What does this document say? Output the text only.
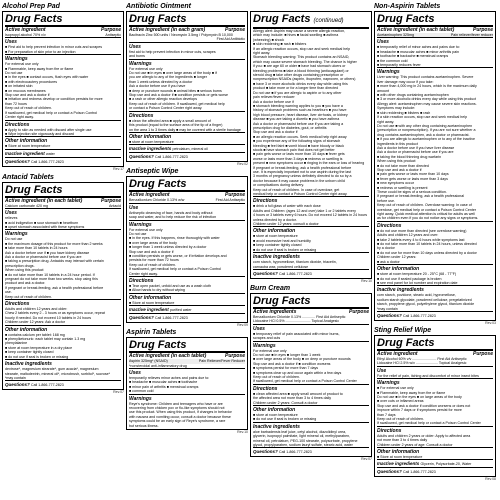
Alcohol Prep Pad
Drug Facts
Active ingredient	Purpose
Isopropyl alcohol 70% v/v	Antiseptic
Uses
■ First aid to help prevent infection in minor cuts and scrapes
■ For preparation of skin prior to an injection
Warnings
For external use only
■ Flammable, keep away from fire or flame
Do not use
■ in the eyes ■ contact occurs, flush eyes with water
■ with electrocautery procedures
■ on irritated skin
■ on mucous membranes
Stop use and ask a doctor if
■ irritation and redness develop or condition persists for more
than 72 hours
Keep out of reach of children.
If swallowed, get medical help or contact a Poison Control
Center right away.
Directions
■ Apply to skin as needed with discard after single use
■ Wipe injection site vigorously and discard
Other information
■ Store at room temperature
Inactive ingredient water
Questions? Call 1-866-777-2823
Rev.17
Antacid Tablets
Drug Facts
Active ingredient (in each tablet)	Purpose
Calcium carbonate 420 mg	Antacid
Uses
relieves
■ acid indigestion ■ sour stomach ■ heartburn
■ upset stomach associated with these symptoms
Warnings
Do not use
■ the maximum dosage of this product for more than 2 weeks
■ take more than 10 tablets in 24 hours
Ask a doctor before use if ■ you have kidney disease
Ask a doctor or pharmacist before use if you are
■ taking a prescription drug. Antacids may interact with certain
prescription drugs.
When using this product
■ do not take more than 10 tablets in a 24 hour period. If
pregnant do not take more than two weeks. stop using this
product and ask a doctor.
If pregnant or breast-feeding, ask a health professional before
use.
Keep out of reach of children.
Directions
Adults and children 12 years and older:
Chew 2 tablets every 2 - 3 hours or as symptoms occur, repeat
hourly if needed. Do not exceed 10 tablets in 24 hours
Children under 12 years: Ask a doctor
Other information
■ contains calcium per tablet: 168 mg
■ phenylketonuric: each tablet may contain 1.3 mg
phenylalanine
■ store at room temperature in a dry place
■ keep container tightly closed
■ do not use if seal is broken or missing
Inactive ingredients
dextrose*, magnesium stearate*, gum acacia*, magnesium
stearate, maltodextrin, mineral oil*, microbrush, sorbitol*, sucrose*
*may contain
Questions? Call 1-866-777-2823
Rev.07
Antibiotic Ointment
Drug Facts
Active ingredient (in each gram)	Purpose
Bacitracin Zinc 500 units / Neomycin 3.5mg / Polymyxin B 10,000
First Aid Antibiotic
Uses
first aid to help prevent infection in minor cuts, scrapes
and burns
Warnings
For external use only
Do not use ■ in eyes ■ over large areas of the body ■ if
you are allergic to any of the ingredients ■ longer
than 1 week unless directed by a doctor
Ask a doctor before use if you have
■ deep or puncture wounds ■ animal bites ■ serious burns
Stop use and ask a doctor if ■ condition persists or gets worse
■ a rash or other allergic reaction develops
Keep out of reach of children. If swallowed, get medical help
or contact a Poison Control Center right away.
Directions
■ clean the affected area ■ apply a small amount of
this product (equal to the surface area of the tip of a finger)
on the area 1 to 3 times daily ■ may be covered with a sterile bandage
Other information
■ store at room temperature
Inactive ingredients petrolatum, mineral oil
Questions? Call 1-866-777-2823
Rev.02
Antiseptic Wipe
Drug Facts
Active ingredient	Purpose
Benzalkonium Chloride 0.13% w/w	First Aid Antiseptic
Use
Antiseptic cleansing of face, hands and body without
soap and water, and to help reduce the risk of infection
Warnings
For external use only
Do not use
■ in the eyes. If this happens, rinse thoroughly with water
■ over large areas of the body
■ longer than 1 week unless directed by a doctor
Stop use and ask a doctor if
■ condition persists or gets worse, or if irritation develops and
persists for more than 72 hours
Keep out of reach of children.
If swallowed, get medical help or contact a Poison Control
Center right away.
Directions
■ Tear open packet, unfold and use as a wash cloth
■ Allow hands to dry without wiping
Other information
■ Store at room temperature
Inactive ingredient purified water
Questions? Call 1-866-777-2823
Rev.09
Aspirin Tablets
Drug Facts
Active ingredient (in each tablet)	Purpose
Aspirin 325mg* (NSAID)	Pain Reliever/Fever Reducer
*nonsteroidal anti-inflammatory drug
Uses
temporarily relieves minor aches and pains due to:
■ headache ■ muscular aches ■ toothache
■ minor pain of arthritis ■ menstrual cramps
■ common cold
Warnings
Reye's syndrome: Children and teenagers who have or are
recovering from chicken pox or flu-like symptoms should not
use this product. When using this product, if changes in behavior
with nausea and vomiting occur, consult a doctor because these
symptoms could be an early sign of Reye's syndrome, a rare
but serious illness.
Rev.10
Drug Facts (continued)
Allergy alert: Aspirin may cause a severe allergic reaction,
which may include: ■ hives ■ facial swelling ■ asthma
(wheezing) ■ shock
■ skin reddening ■ rash ■ blisters
If an allergic reaction occurs, stop use and seek medical help
right away.
Stomach bleeding warning: This product contains an NSAID,
which may cause severe stomach bleeding. The chance is higher
if you: ■ are age 60 or older ■ have had stomach ulcers or
bleeding problems ■ take a blood thinning (anticoagulant) or
steroid drug ■ take other drugs containing prescription or
nonprescription NSAIDs (aspirin, ibuprofen, naproxen, or others)
■ have 3 or more alcoholic drinks every day while using this
product ■ take more or for a longer time than directed
Do not use ■ if you are allergic to aspirin or to any other
pain reliever/fever reducer
Ask a doctor before use if
■ stomach bleeding warning applies to you ■ you have a
history of stomach problems such as heartburn ■ you have
high blood pressure, heart disease, liver cirrhosis, or kidney
disease ■ you are taking a diuretic ■ you have asthma
Ask a doctor or pharmacist before use if you are taking a
prescription drug for diabetes, gout, or arthritis
Stop use and ask a doctor if
■ an allergic reaction occurs. Seek medical help right away
■ you experience any of the following signs of stomach
bleeding ■ feel faint ■ vomit blood ■ have bloody or black
stools ■ have stomach pain that does not get better
■ pain gets worse or lasts more than 10 days ■ fever gets
worse or lasts more than 3 days ■ redness or swelling is
present ■ new symptoms occur ■ ringing in the ears or loss of hearing
If pregnant or breast-feeding, ask a health professional before
use. It is especially important not to use aspirin during the last
3 months of pregnancy unless definitely directed to do so by a
doctor because it may cause problems in the unborn child
or complications during delivery.
Keep out of reach of children. In case of overdose, get
medical help or contact a Poison Control Center right away.
Directions
■ drink a full glass of water with each dose
Adults and Children: (ages 12 and over) take 1 or 2 tablets every
4 hours or 3 tablets every 6 hours. Do not exceed 12 tablets in 24 hours
unless directed by a doctor.
Children under 12 years: consult a doctor
Other information
■ store at room temperature
■ avoid excessive heat and humidity
■ keep container tightly closed
■ do not use if seal is broken or missing
Inactive ingredients
corn starch, hypromellose, titanium dioxide, triacetin,
carnauba wax, powdered cellulose
Questions? Call 1-866-777-2823
Rev.10
Burn Cream
Drug Facts
Active ingredients	Purpose
Benzalkonium Chloride 0.13% ............. First Aid Antiseptic
Lidocaine HCl 0.5% ......................... Topical Analgesic
Uses
■ temporary relief of pain associated with minor burns,
scrapes and cuts
Warnings
For external use only
Do not use ■ in eyes ■ longer than 1 week
■ over large areas of the body ■ on deep or puncture wounds
Stop use and ask a doctor if ■ condition worsens
■ symptoms persist for more than 7 days
■ symptoms clear up and occur again within a few days
Keep out of reach of children.
If swallowed, get medical help or contact a Poison Control Center
Directions
■ clean affected area ■ apply small amount of product to
the affected area not more than 3 to 4 times daily
Children under 2 years: Consult a doctor
Other information
■ store at room temperature
■ do not use if seal is broken or missing
Inactive ingredients
aloe barbadensis leaf juice, cetyl alcohol, diazolidinyl urea,
glycerin, isopropyl palmitate, light mineral oil, methylparaben,
mineral oil, petrolatum, PEG-100 stearate, polysorbate, propylene
glycol, propylparaben, sodium lauryl sulfate, stearic acid, water
Questions? Call 1-866-777-2823
Rev.07
Non-Aspirin Tablets
Drug Facts
Active ingredient (in each tablet)	Purpose
Acetaminophen 325mg	Pain reliever/fever reducer
Uses
■ temporarily relief of minor aches and pains due to:
■ headache ■ muscular aches ■ minor arthritis pain
■ toothache ■ backache ■ menstrual cramps
■ the common cold
■ temporarily reduces fever
Warnings
Liver warning: This product contains acetaminophen. Severe
liver damage may occur if you take:
■ more than 4,000 mg in 24 hours, which is the maximum daily
amount
■ with other drugs containing acetaminophen
■ 3 or more alcoholic drinks every day while using this product
Allergy alert: acetaminophen may cause severe skin reactions.
Symptoms may include:
■ skin reddening ■ blisters ■ rash
If a skin reaction occurs, stop use and seek medical help
right away.
Do not use ■ with any other drug containing acetaminophen
(prescription or nonprescription). If you are not sure whether a
drug contains acetaminophen, ask a doctor or pharmacist.
■ if you are allergic to acetaminophen or to any of the inactive
ingredients in this product
Ask a doctor before use if you have liver disease
Ask a doctor or pharmacist before use if you are
■ taking the blood thinning drug warfarin
When using this product
■ do not take more than directed
Stop use and ask a doctor if
■ pain gets worse or lasts more than 10 days
■ fever gets worse or lasts more than 3 days
■ new symptoms occur
■ redness or swelling is present
These could be signs of a serious condition.
If pregnant or breast-feeding, ask a health professional
before use.
Keep out of reach of children. Overdose warning: In case of
overdose, get medical help or contact a Poison Control Center
right away. Quick medical attention is critical for adults as well
as for children even if you do not notice any signs or symptoms.
Directions
■ do not use more than directed (see overdose warning)
Adults and children 12 years and over:
■ take 2 tablets every 4 to 6 hours while symptoms last
■ do not take more than 10 tablets in 24 hours, unless directed
by a doctor
■ do not use for more than 10 days unless directed by a doctor
Children under 12 years:
■ ask a doctor
Other information
■ store at room temperature 20 - 25°C (68 - 77°F)
■ do not use if sealed package is broken
■ see end panel for lot number and expiration date
Inactive ingredients
corn starch, povidone, stearic acid, hypromellose,
sodium starch glycolate, powdered cellulose, pregelatinized
starch, propylene glycol, polyethylene glycol, titanium dioxide
*may contain
Questions? Call 1-866-777-2823
Rev.03
Sting Relief Wipe
Drug Facts
Active ingredient	Purpose
Ethyl Alcohol 60% v/v ........................ First Aid Antiseptic
Lidocaine HCl 2.5% w/v ...................... Topical Analgesic
Use
For the relief of pain, itching and discomfort of minor insect bites
Warnings
■ For external use only
■ Flammable, keep away from fire or flame
Do not use ■ in the eyes ■ on large areas of the body
■ over cuts or inflamed areas
Stop use and ask a doctor if condition worsens or does not
improve within 7 days or if symptoms persist for more
than 7 days
Keep out of reach of children.
If swallowed, get medical help or contact a Poison Control Center
Directions
Adults and children 2 years or older: Apply to affected area
not more than 3 to 4 times daily
Children under 2 years of age: Consult a doctor
Other information
■ Store at room temperature
Inactive ingredients Glycerin, Polysorbate-20, Water
Questions? Call 1-866-777-2823
Rev.08
